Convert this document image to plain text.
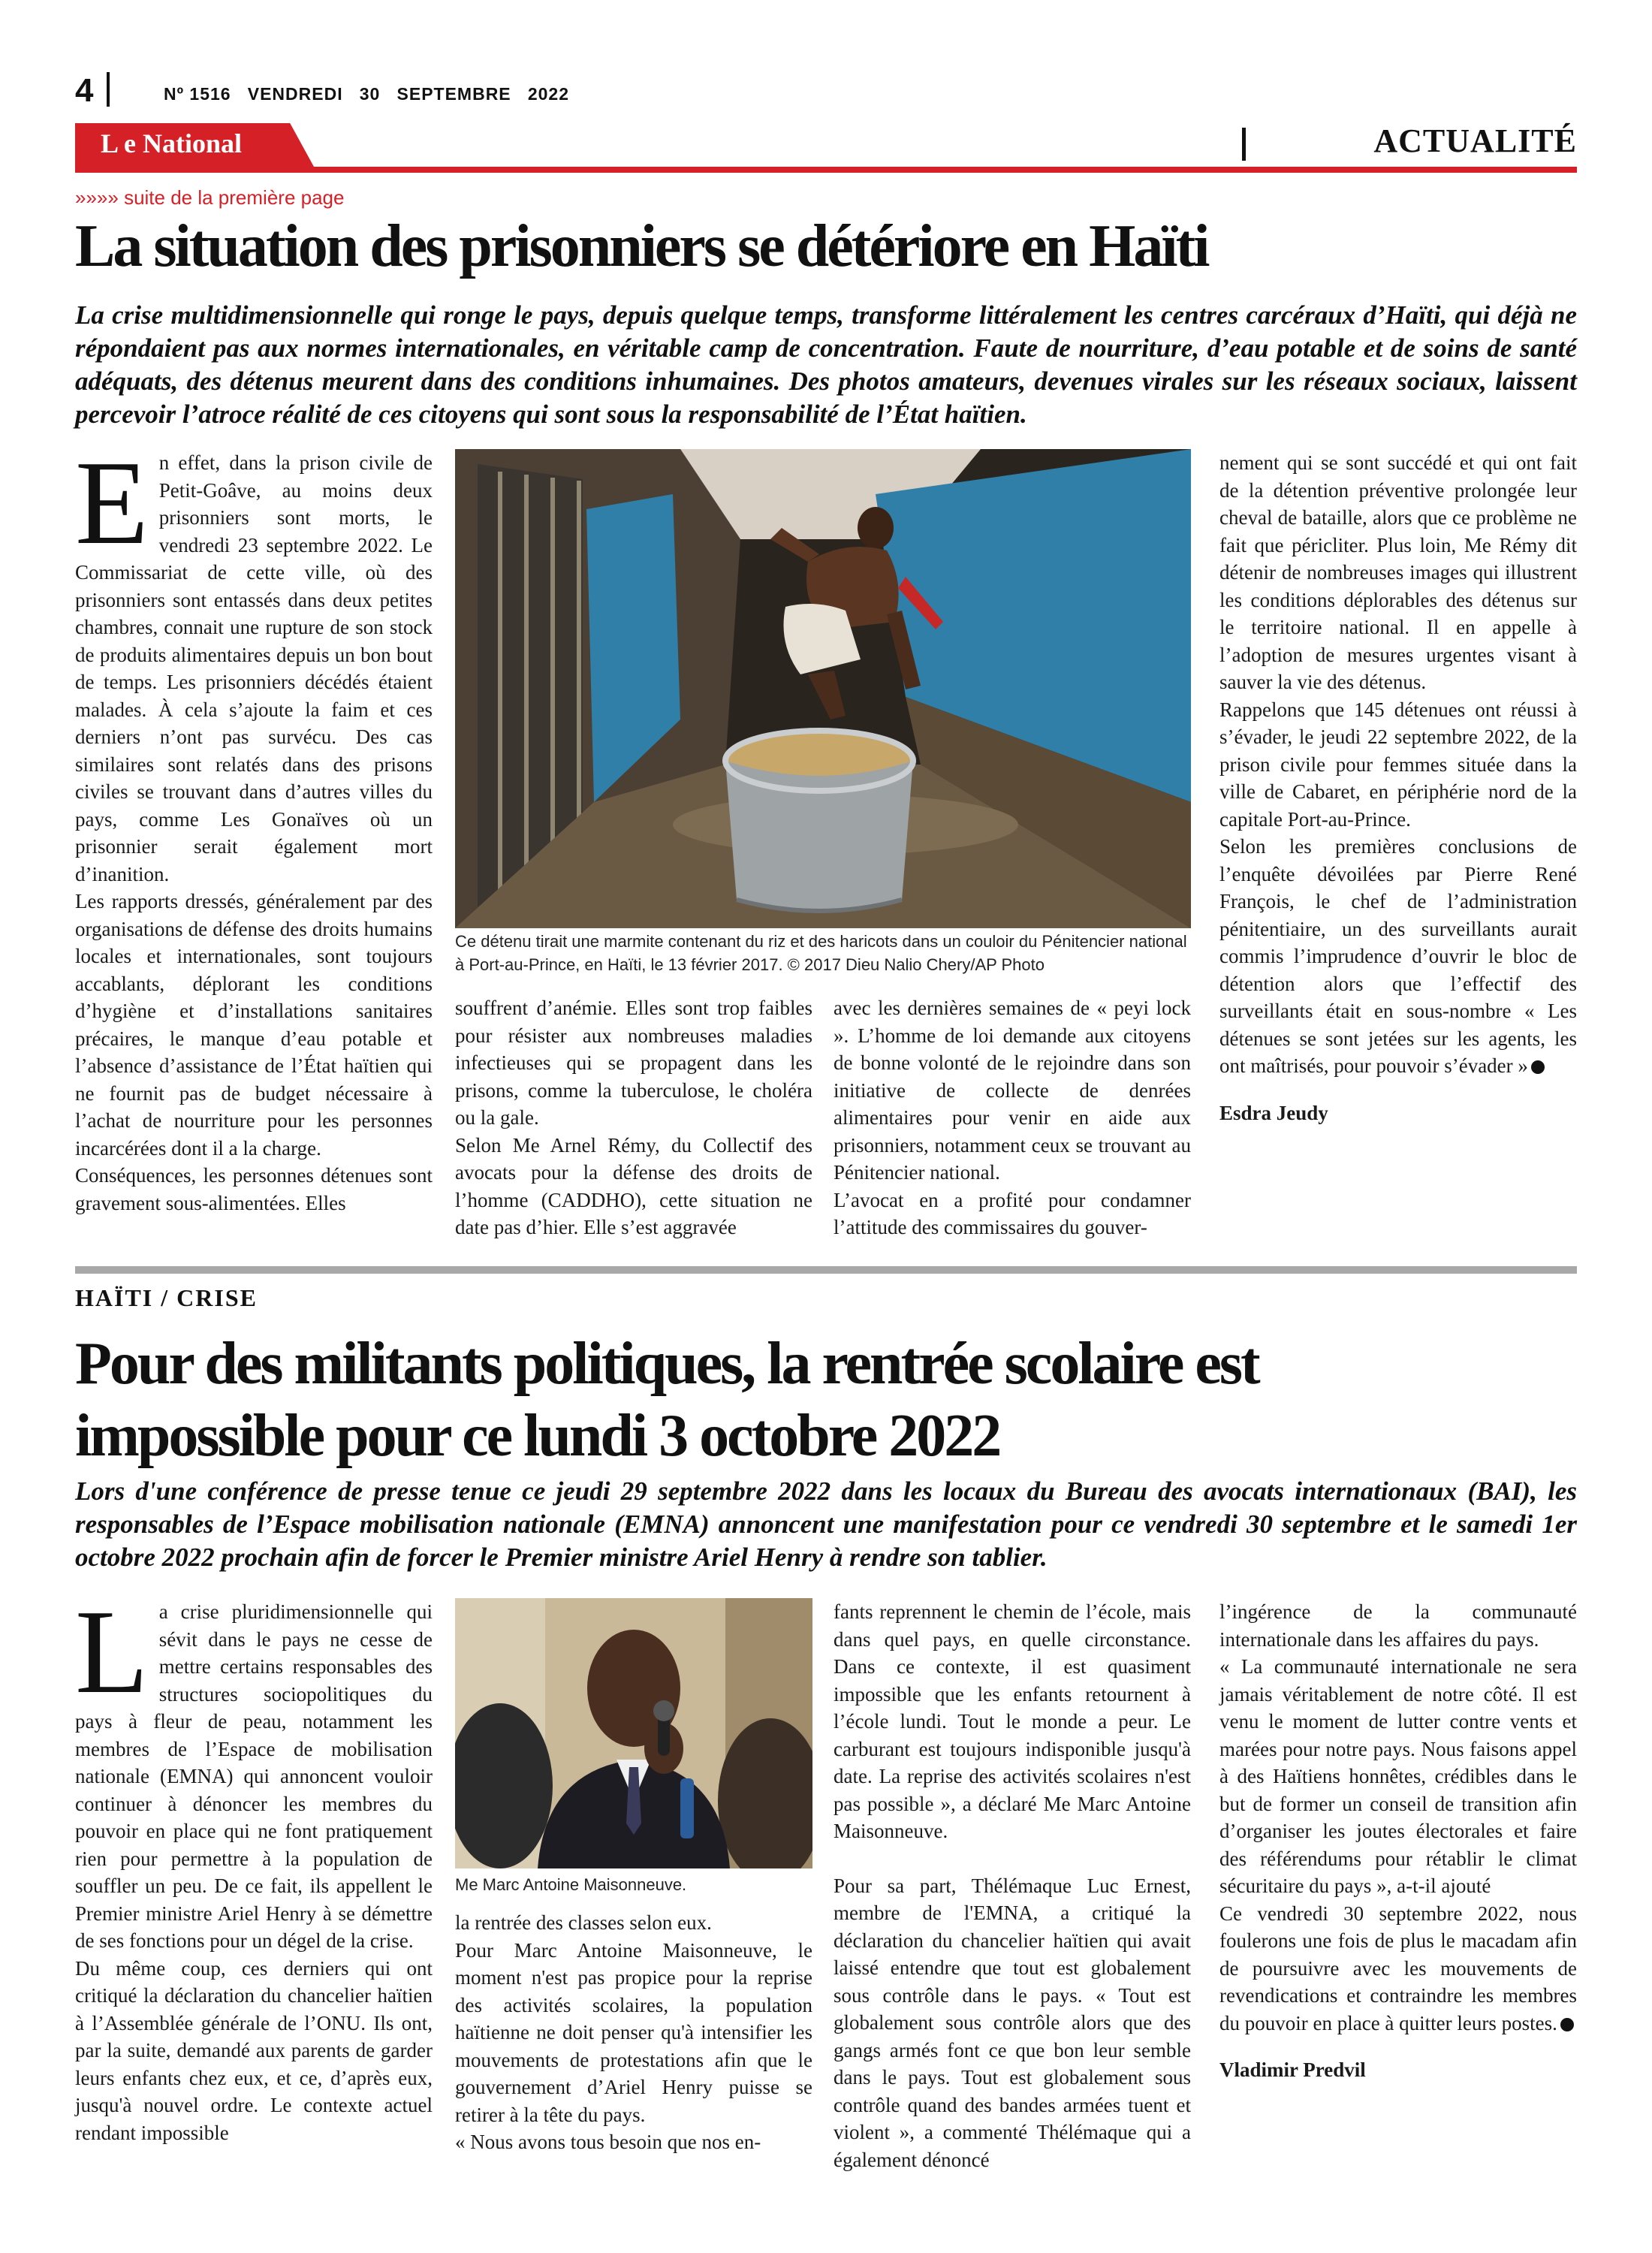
4	Nº 1516   VENDREDI   30   SEPTEMBRE   2022
L e National	ACTUALITÉ
»»»» suite de la première page
La situation des prisonniers se détériore en Haïti
La crise multidimensionnelle qui ronge le pays, depuis quelque temps, transforme littéralement les centres carcéraux d’Haïti, qui déjà ne répondaient pas aux normes internationales, en véritable camp de concentration. Faute de nourriture, d’eau potable et de soins de santé adéquats, des détenus meurent dans des conditions inhumaines. Des photos amateurs, devenues virales sur les réseaux sociaux, laissent percevoir l’atroce réalité de ces citoyens qui sont sous la responsabilité de l’État haïtien.

En effet, dans la prison civile de Petit-Goâve, au moins deux prisonniers sont morts, le vendredi 23 septembre 2022. Le Commissariat de cette ville, où des prisonniers sont entassés dans deux petites chambres, connait une rupture de son stock de produits alimentaires depuis un bon bout de temps. Les prisonniers décédés étaient malades. À cela s’ajoute la faim et ces derniers n’ont pas survécu. Des cas similaires sont relatés dans des prisons civiles se trouvant dans d’autres villes du pays, comme Les Gonaïves où un prisonnier serait également mort d’inanition.

Les rapports dressés, généralement par des organisations de défense des droits humains locales et internationales, sont toujours accablants, déplorant les conditions d’hygiène et d’installations sanitaires précaires, le manque d’eau potable et l’absence d’assistance de l’État haïtien qui ne fournit pas de budget nécessaire à l’achat de nourriture pour les personnes incarcérées dont il a la charge.

Conséquences, les personnes détenues sont gravement sous-alimentées. Elles

Ce détenu tirait une marmite contenant du riz et des haricots dans un couloir du Pénitencier national à Port-au-Prince, en Haïti, le 13 février 2017. © 2017 Dieu Nalio Chery/AP Photo

souffrent d’anémie. Elles sont trop faibles pour résister aux nombreuses maladies infectieuses qui se propagent dans les prisons, comme la tuberculose, le choléra ou la gale.

Selon Me Arnel Rémy, du Collectif des avocats pour la défense des droits de l’homme (CADDHO), cette situation ne date pas d’hier. Elle s’est aggravée

avec les dernières semaines de « peyi lock ». L’homme de loi demande aux citoyens de bonne volonté de le rejoindre dans son initiative de collecte de denrées alimentaires pour venir en aide aux prisonniers, notamment ceux se trouvant au Pénitencier national.

L’avocat en a profité pour condamner l’attitude des commissaires du gouver-

nement qui se sont succédé et qui ont fait de la détention préventive prolongée leur cheval de bataille, alors que ce problème ne fait que péricliter. Plus loin, Me Rémy dit détenir de nombreuses images qui illustrent les conditions déplorables des détenus sur le territoire national. Il en appelle à l’adoption de mesures urgentes visant à sauver la vie des détenus.

Rappelons que 145 détenues ont réussi à s’évader, le jeudi 22 septembre 2022, de la prison civile pour femmes située dans la ville de Cabaret, en périphérie nord de la capitale Port-au-Prince.

Selon les premières conclusions de l’enquête dévoilées par Pierre René François, le chef de l’administration pénitentiaire, un des surveillants aurait commis l’imprudence d’ouvrir le bloc de détention alors que l’effectif des surveillants était en sous-nombre « Les détenues se sont jetées sur les agents, les ont maîtrisés, pour pouvoir s’évader »

Esdra Jeudy

HAÏTI / CRISE
Pour des militants politiques, la rentrée scolaire est
impossible pour ce lundi 3 octobre 2022
Lors d'une conférence de presse tenue ce jeudi 29 septembre 2022 dans les locaux du Bureau des avocats internationaux (BAI), les responsables de l’Espace mobilisation nationale (EMNA) annoncent une manifestation pour ce vendredi 30 septembre et le samedi 1er octobre 2022 prochain afin de forcer le Premier ministre Ariel Henry à rendre son tablier.

La crise pluridimensionnelle qui sévit dans le pays ne cesse de mettre certains responsables des structures sociopolitiques du pays à fleur de peau, notamment les membres de l’Espace de mobilisation nationale (EMNA) qui annoncent vouloir continuer à dénoncer les membres du pouvoir en place qui ne font pratiquement rien pour permettre à la population de souffler un peu. De ce fait, ils appellent le Premier ministre Ariel Henry à se démettre de ses fonctions pour un dégel de la crise.

Du même coup, ces derniers qui ont critiqué la déclaration du chancelier haïtien à l’Assemblée générale de l’ONU. Ils ont, par la suite, demandé aux parents de garder leurs enfants chez eux, et ce, d’après eux, jusqu'à nouvel ordre. Le contexte actuel rendant impossible

Me Marc Antoine Maisonneuve.

la rentrée des classes selon eux.

Pour Marc Antoine Maisonneuve, le moment n'est pas propice pour la reprise des activités scolaires, la population haïtienne ne doit penser qu'à intensifier les mouvements de protestations afin que le gouvernement d’Ariel Henry puisse se retirer à la tête du pays.

« Nous avons tous besoin que nos en-

fants reprennent le chemin de l’école, mais dans quel pays, en quelle circonstance. Dans ce contexte, il est quasiment impossible que les enfants retournent à l’école lundi. Tout le monde a peur. Le carburant est toujours indisponible jusqu'à date. La reprise des activités scolaires n'est pas possible », a déclaré Me Marc Antoine Maisonneuve.

Pour sa part, Thélémaque Luc Ernest, membre de l'EMNA, a critiqué la déclaration du chancelier haïtien qui avait laissé entendre que tout est globalement sous contrôle dans le pays. « Tout est globalement sous contrôle alors que des gangs armés font ce que bon leur semble dans le pays. Tout est globalement sous contrôle quand des bandes armées tuent et violent », a commenté Thélémaque qui a également dénoncé

l’ingérence de la communauté internationale dans les affaires du pays.

« La communauté internationale ne sera jamais véritablement de notre côté. Il est venu le moment de lutter contre vents et marées pour notre pays. Nous faisons appel à des Haïtiens honnêtes, crédibles dans le but de former un conseil de transition afin d’organiser les joutes électorales et faire des référendums pour rétablir le climat sécuritaire du pays », a-t-il ajouté

Ce vendredi 30 septembre 2022, nous foulerons une fois de plus le macadam afin de poursuivre avec les mouvements de revendications et contraindre les membres du pouvoir en place à quitter leurs postes.

Vladimir Predvil
